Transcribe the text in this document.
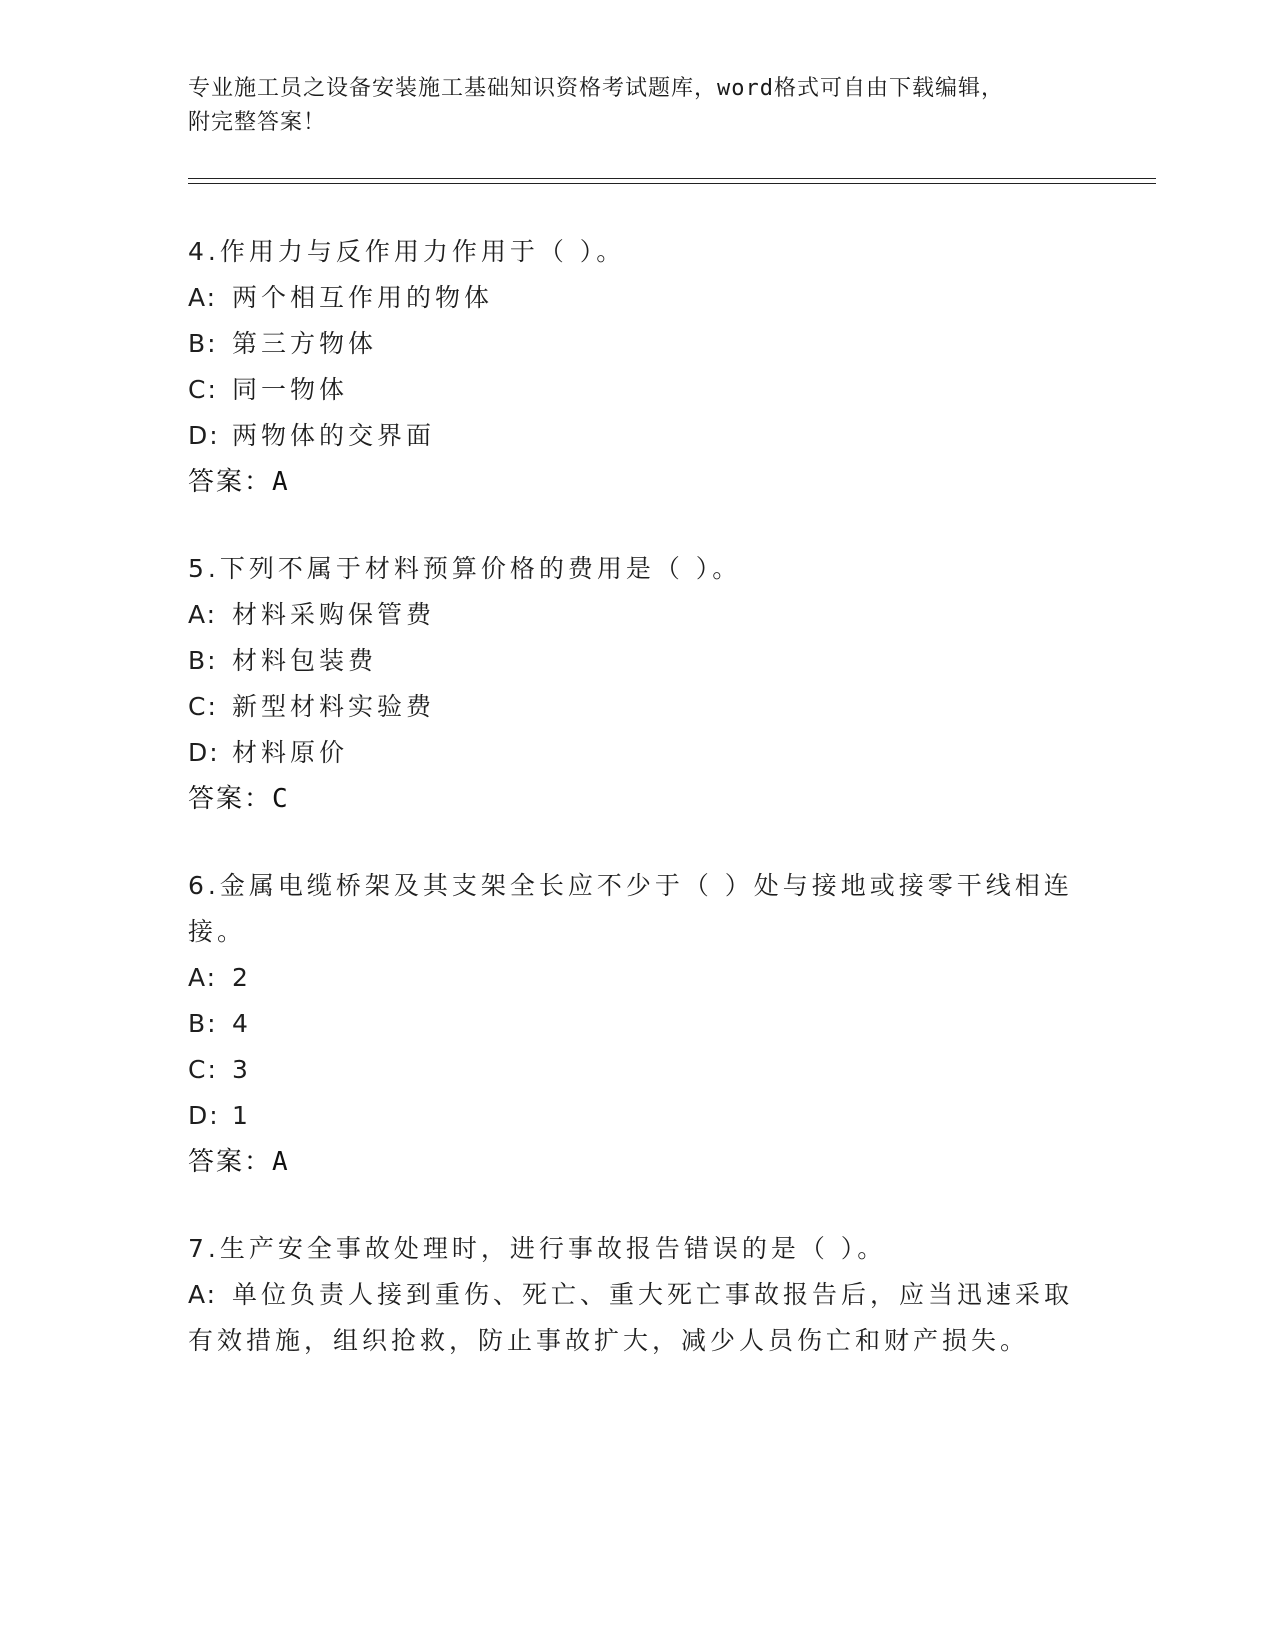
专业施工员之设备安装施工基础知识资格考试题库，word格式可自由下载编辑，
附完整答案！
4.作用力与反作用力作用于（ ）。
A: 两个相互作用的物体
B: 第三方物体
C: 同一物体
D: 两物体的交界面
答案：A
5.下列不属于材料预算价格的费用是（ ）。
A: 材料采购保管费
B: 材料包装费
C: 新型材料实验费
D: 材料原价
答案：C
6.金属电缆桥架及其支架全长应不少于（ ）处与接地或接零干线相连
接。
A: 2
B: 4
C: 3
D: 1
答案：A
7.生产安全事故处理时，进行事故报告错误的是（ ）。
A: 单位负责人接到重伤、死亡、重大死亡事故报告后，应当迅速采取
有效措施，组织抢救，防止事故扩大，减少人员伤亡和财产损失。
